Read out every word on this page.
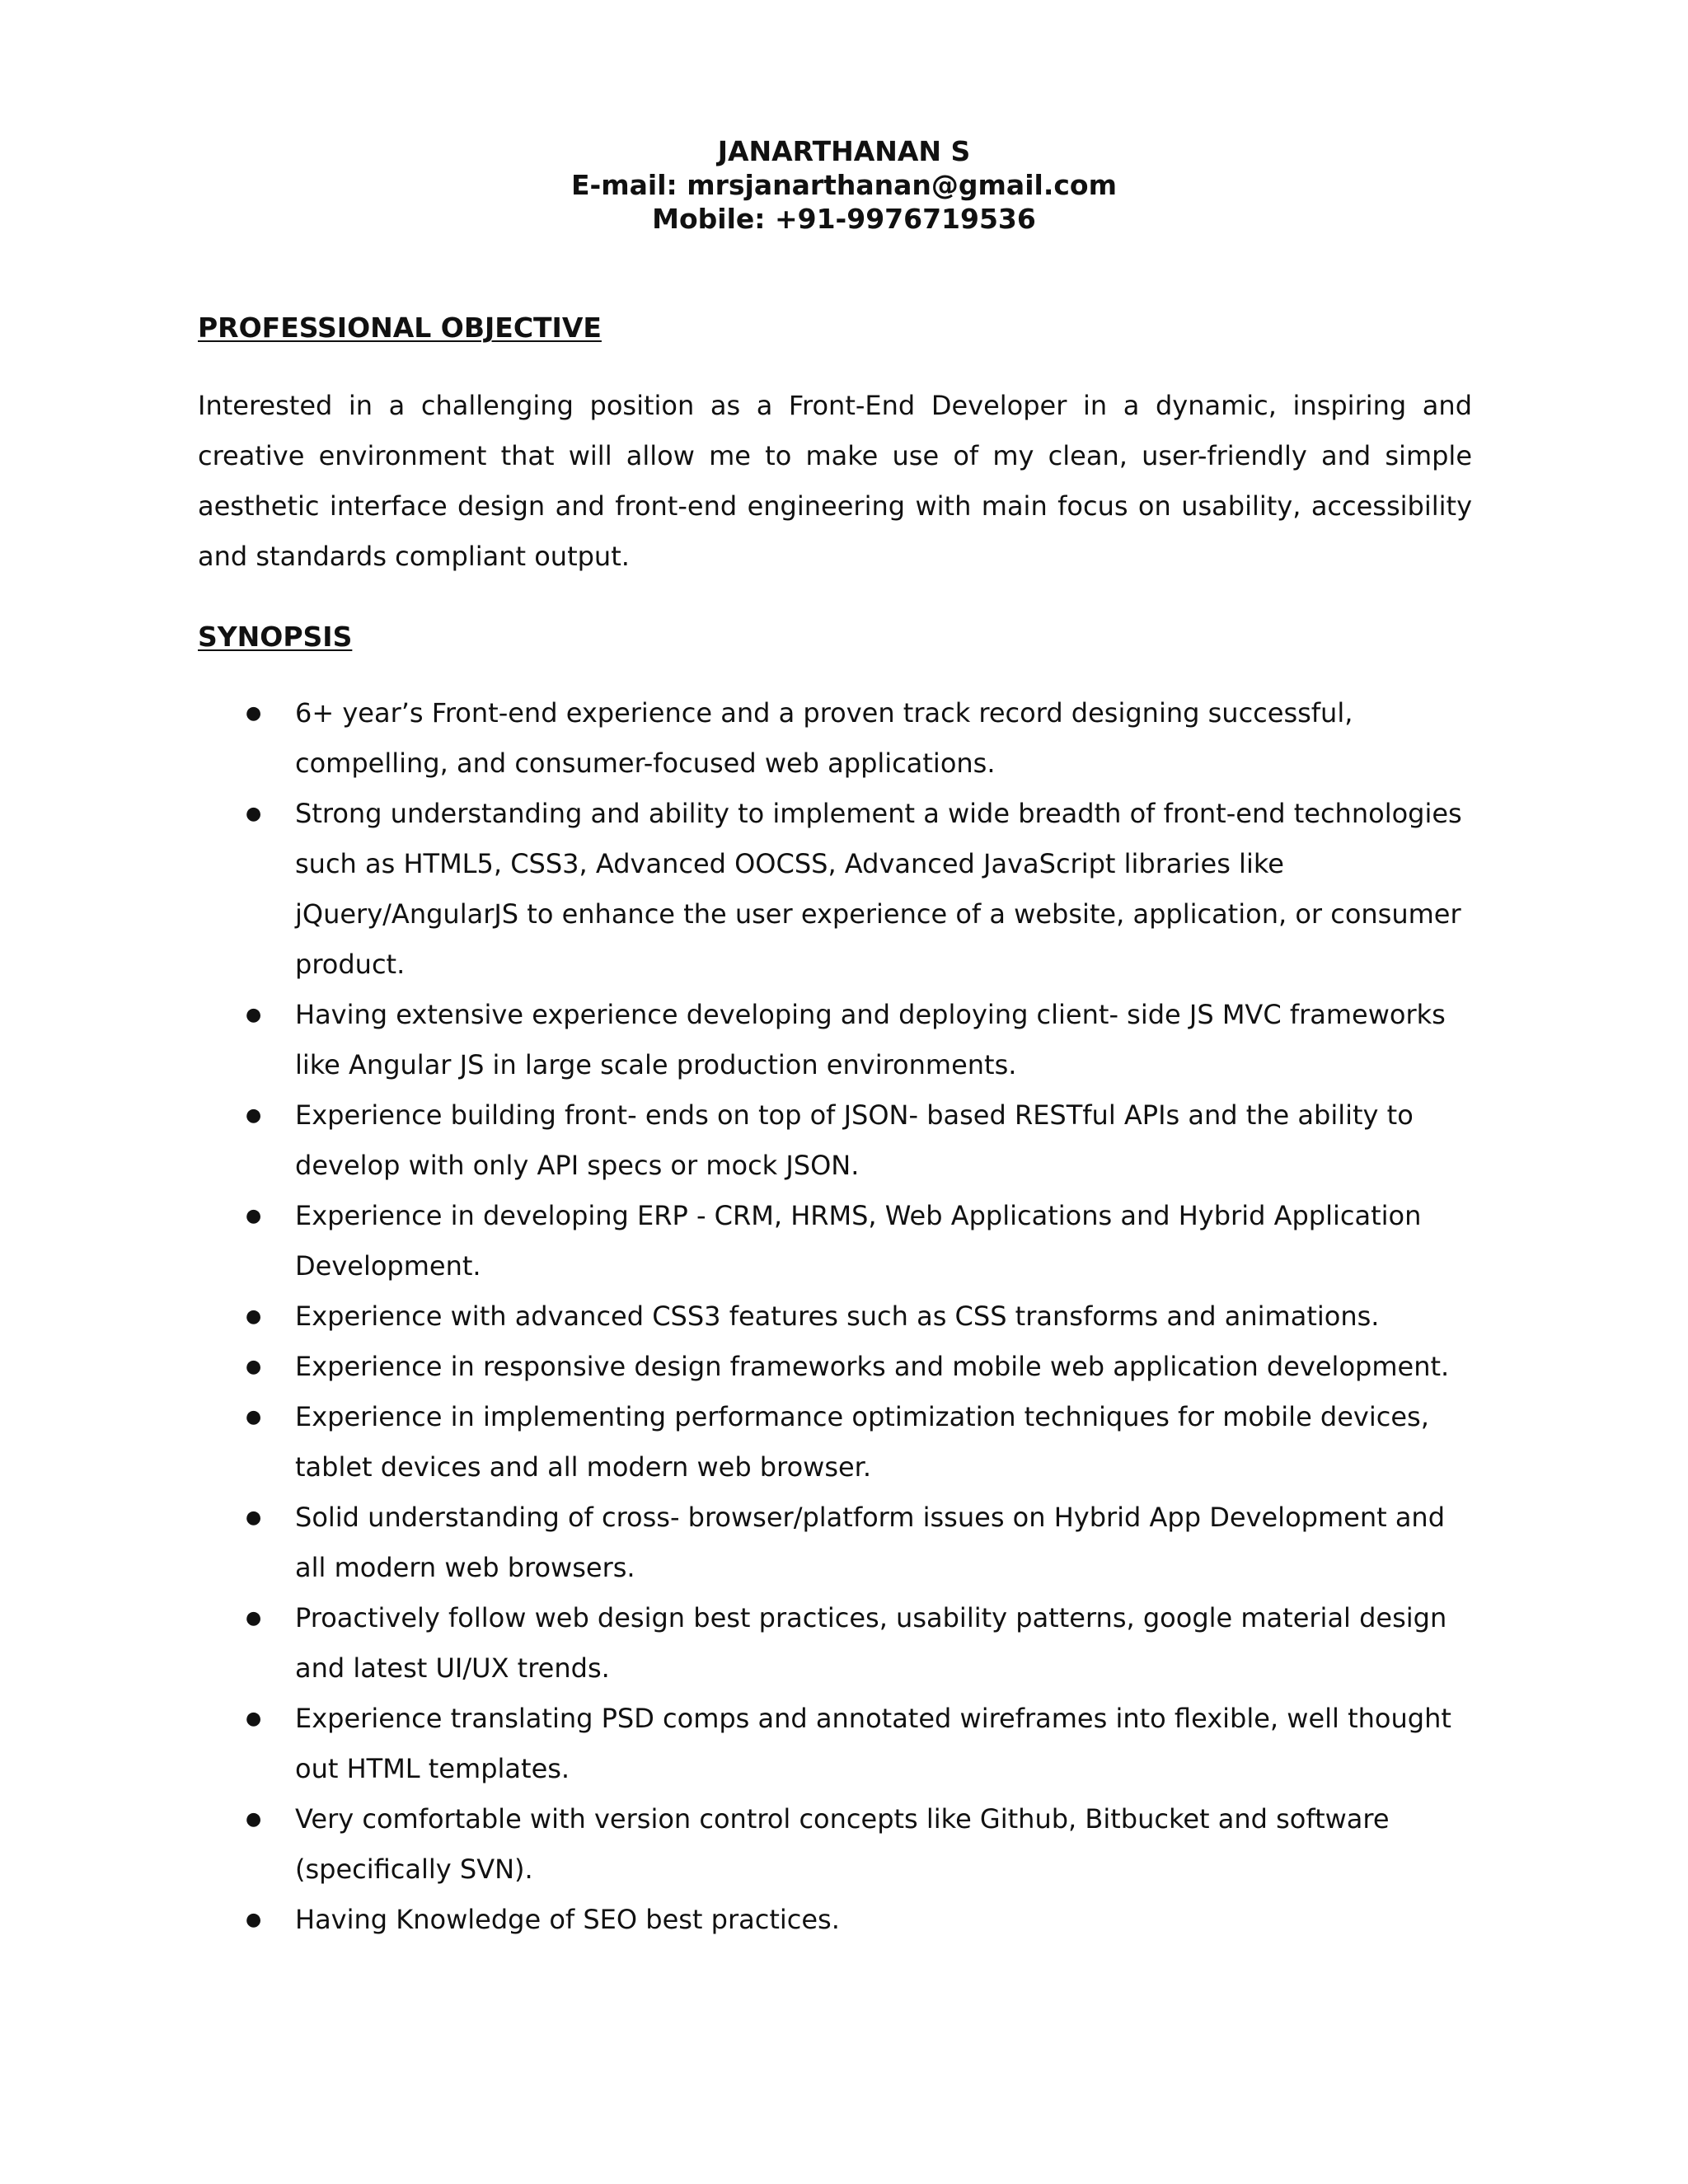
JANARTHANAN S
E-mail: mrsjanarthanan@gmail.com
Mobile: +91-9976719536
PROFESSIONAL OBJECTIVE

Interested in a challenging position as a Front-End Developer in a dynamic, inspiring and creative environment that will allow me to make use of my clean, user-friendly and simple aesthetic interface design and front-end engineering with main focus on usability, accessibility and standards compliant output.

SYNOPSIS
● 6+ year’s Front-end experience and a proven track record designing successful, compelling, and consumer-focused web applications.
● Strong understanding and ability to implement a wide breadth of front-end technologies such as HTML5, CSS3, Advanced OOCSS, Advanced JavaScript libraries like jQuery/AngularJS to enhance the user experience of a website, application, or consumer product.
● Having extensive experience developing and deploying client- side JS MVC frameworks like Angular JS in large scale production environments.
● Experience building front- ends on top of JSON- based RESTful APIs and the ability to develop with only API specs or mock JSON.
● Experience in developing ERP - CRM, HRMS, Web Applications and Hybrid Application Development.
● Experience with advanced CSS3 features such as CSS transforms and animations.
● Experience in responsive design frameworks and mobile web application development.
● Experience in implementing performance optimization techniques for mobile devices, tablet devices and all modern web browser.
● Solid understanding of cross- browser/platform issues on Hybrid App Development and all modern web browsers.
● Proactively follow web design best practices, usability patterns, google material design and latest UI/UX trends.
● Experience translating PSD comps and annotated wireframes into flexible, well thought out HTML templates.
● Very comfortable with version control concepts like Github, Bitbucket and software (specifically SVN).
● Having Knowledge of SEO best practices.
